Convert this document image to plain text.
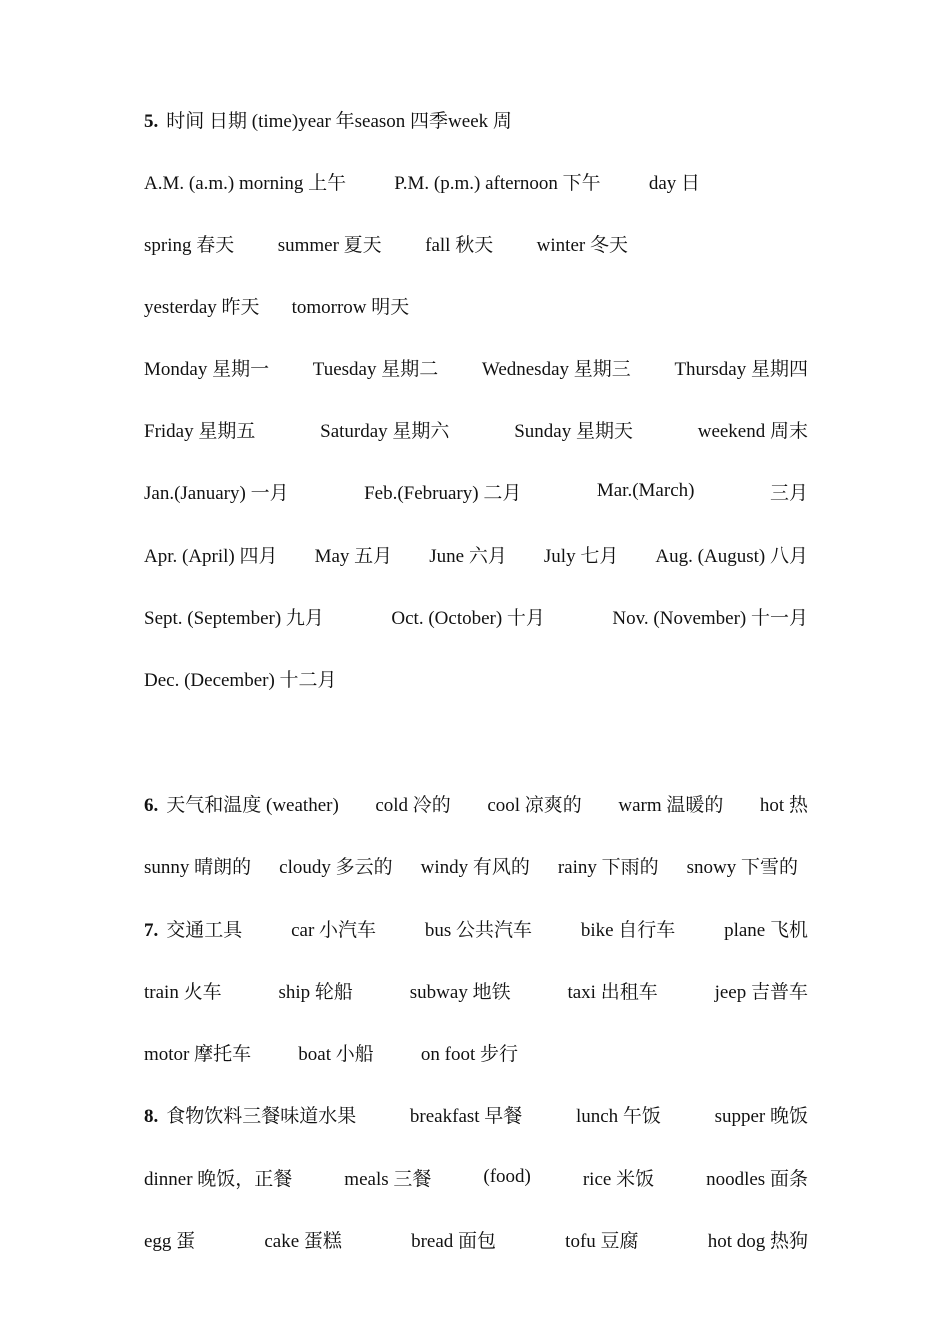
5. 时间 日期 (time) year 年 season 四季 week 周
A.M. (a.m.) morning 上午	P.M. (p.m.) afternoon 下午	day 日
spring 春天 summer 夏天 fall 秋天 winter 冬天
yesterday 昨天 tomorrow 明天
Monday 星期一 Tuesday 星期二 Wednesday 星期三 Thursday 星期四
Friday 星期五	Saturday 星期六	Sunday 星期天	weekend 周末
Jan.(January) 一月	Feb.(February) 二月	Mar.(March)	三月
Apr. (April) 四月 May 五月 June 六月 July 七月 Aug. (August) 八月
Sept. (September) 九月	Oct. (October) 十月	Nov. (November) 十一月
Dec. (December) 十二月
6. 天气和温度 (weather) cold 冷的 cool 凉爽的 warm 温暖的 hot 热
sunny 晴朗的 cloudy 多云的 windy 有风的 rainy 下雨的 snowy 下雪的
7. 交通工具	car 小汽车	bus 公共汽车	bike 自行车	plane 飞机
train 火车	ship 轮船	subway 地铁	taxi 出租车	jeep 吉普车
motor 摩托车 boat 小船 on foot 步行
8. 食物饮料三餐味道水果	breakfast 早餐	lunch 午饭	supper 晚饭
dinner 晚饭，正餐	meals 三餐	(food)	rice 米饭	noodles 面条
egg 蛋	cake 蛋糕	bread 面包	tofu 豆腐	hot dog 热狗
